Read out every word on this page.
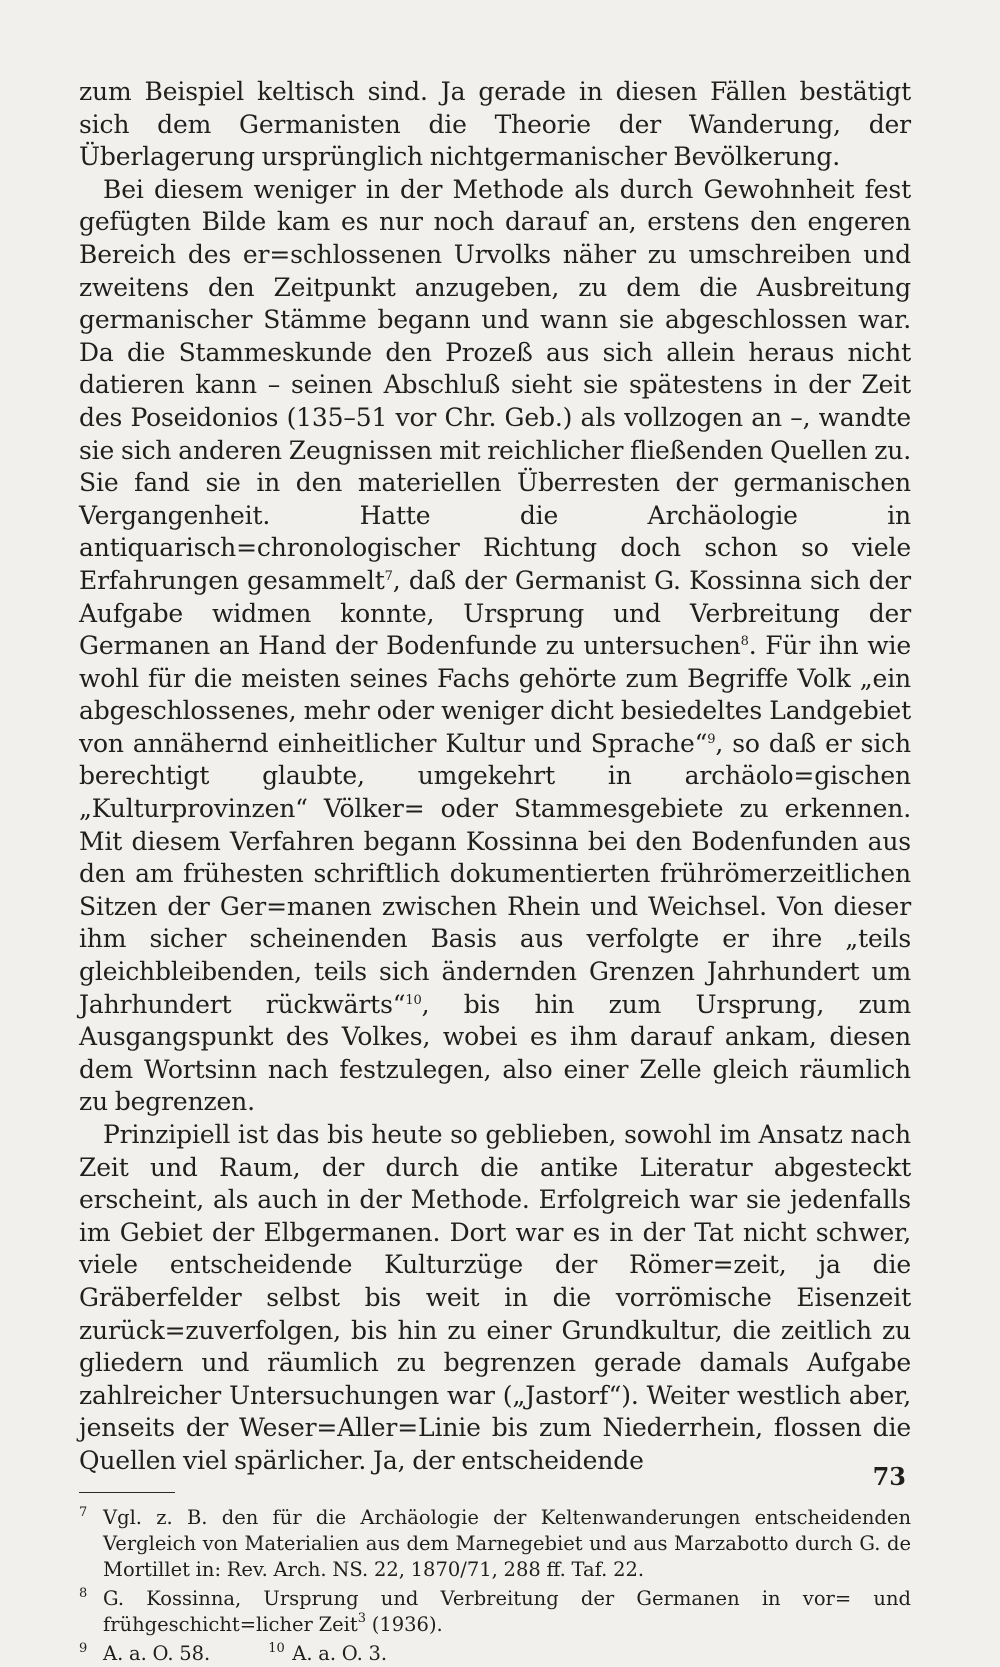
zum Beispiel keltisch sind. Ja gerade in diesen Fällen bestätigt sich dem Germanisten die Theorie der Wanderung, der Überlagerung ursprünglich nichtgermanischer Bevölkerung.

Bei diesem weniger in der Methode als durch Gewohnheit fest gefügten Bilde kam es nur noch darauf an, erstens den engeren Bereich des er=schlossenen Urvolks näher zu umschreiben und zweitens den Zeitpunkt anzugeben, zu dem die Ausbreitung germanischer Stämme begann und wann sie abgeschlossen war. Da die Stammeskunde den Prozeß aus sich allein heraus nicht datieren kann – seinen Abschluß sieht sie spätestens in der Zeit des Poseidonios (135–51 vor Chr. Geb.) als vollzogen an –, wandte sie sich anderen Zeugnissen mit reichlicher fließenden Quellen zu. Sie fand sie in den materiellen Überresten der germanischen Vergangenheit. Hatte die Archäologie in antiquarisch=chronologischer Richtung doch schon so viele Erfahrungen gesammelt$^7$, daß der Germanist G. Kossinna sich der Aufgabe widmen konnte, Ursprung und Verbreitung der Germanen an Hand der Bodenfunde zu untersuchen$^8$. Für ihn wie wohl für die meisten seines Fachs gehörte zum Begriffe Volk „ein abgeschlossenes, mehr oder weniger dicht besiedeltes Landgebiet von annähernd einheitlicher Kultur und Sprache“$^9$, so daß er sich berechtigt glaubte, umgekehrt in archäolo=gischen „Kulturprovinzen“ Völker= oder Stammesgebiete zu erkennen. Mit diesem Verfahren begann Kossinna bei den Bodenfunden aus den am frühesten schriftlich dokumentierten frührömerzeitlichen Sitzen der Ger=manen zwischen Rhein und Weichsel. Von dieser ihm sicher scheinenden Basis aus verfolgte er ihre „teils gleichbleibenden, teils sich ändernden Grenzen Jahrhundert um Jahrhundert rückwärts“$^{10}$, bis hin zum Ursprung, zum Ausgangspunkt des Volkes, wobei es ihm darauf ankam, diesen dem Wortsinn nach festzulegen, also einer Zelle gleich räumlich zu begrenzen.

Prinzipiell ist das bis heute so geblieben, sowohl im Ansatz nach Zeit und Raum, der durch die antike Literatur abgesteckt erscheint, als auch in der Methode. Erfolgreich war sie jedenfalls im Gebiet der Elbgermanen. Dort war es in der Tat nicht schwer, viele entscheidende Kulturzüge der Römer=zeit, ja die Gräberfelder selbst bis weit in die vorrömische Eisenzeit zurück=zuverfolgen, bis hin zu einer Grundkultur, die zeitlich zu gliedern und räumlich zu begrenzen gerade damals Aufgabe zahlreicher Untersuchungen war („Jastorf“). Weiter westlich aber, jenseits der Weser=Aller=Linie bis zum Niederrhein, flossen die Quellen viel spärlicher. Ja, der entscheidende

7 Vgl. z. B. den für die Archäologie der Keltenwanderungen entscheidenden Vergleich von Materialien aus dem Marnegebiet und aus Marzabotto durch G. de Mortillet in: Rev. Arch. NS. 22, 1870/71, 288 ff. Taf. 22.
8 G. Kossinna, Ursprung und Verbreitung der Germanen in vor= und frühgeschicht=licher Zeit$^3$ (1936).
9 A. a. O. 58.	10 A. a. O. 3.
73
